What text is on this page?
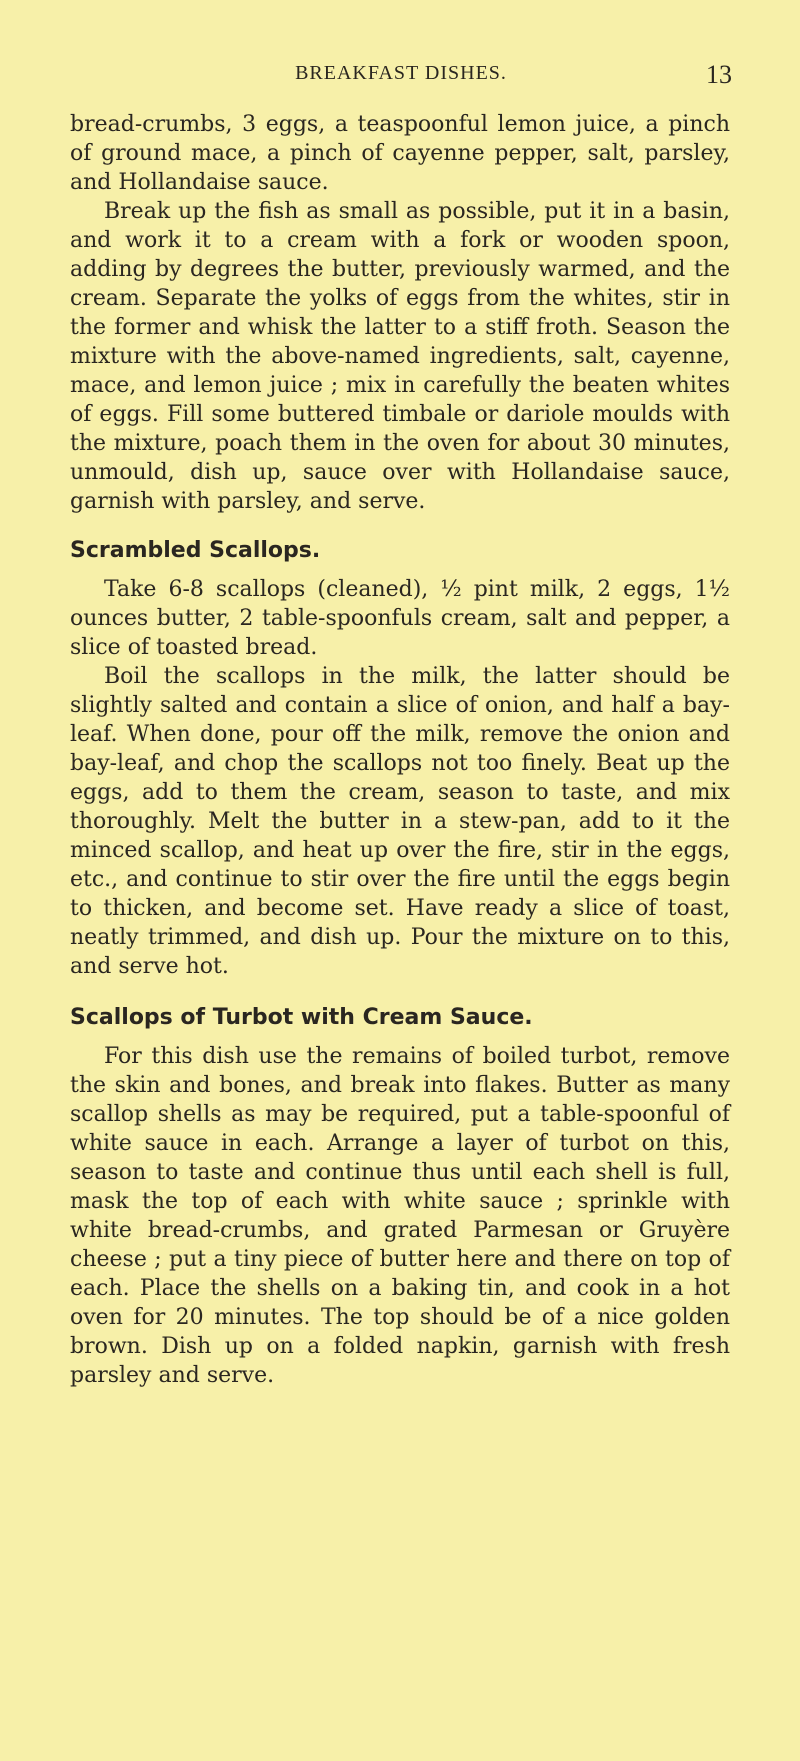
BREAKFAST DISHES.	13

bread-crumbs, 3 eggs, a teaspoonful lemon juice, a pinch of ground mace, a pinch of cayenne pepper, salt, parsley, and Hollandaise sauce.

Break up the fish as small as possible, put it in a basin, and work it to a cream with a fork or wooden spoon, adding by degrees the butter, previously warmed, and the cream. Separate the yolks of eggs from the whites, stir in the former and whisk the latter to a stiff froth. Season the mixture with the above-named ingredients, salt, cayenne, mace, and lemon juice ; mix in carefully the beaten whites of eggs. Fill some buttered timbale or dariole moulds with the mixture, poach them in the oven for about 30 minutes, unmould, dish up, sauce over with Hollandaise sauce, garnish with parsley, and serve.

Scrambled Scallops.

Take 6-8 scallops (cleaned), ½ pint milk, 2 eggs, 1½ ounces butter, 2 table-spoonfuls cream, salt and pepper, a slice of toasted bread.

Boil the scallops in the milk, the latter should be slightly salted and contain a slice of onion, and half a bay-leaf. When done, pour off the milk, remove the onion and bay-leaf, and chop the scallops not too finely. Beat up the eggs, add to them the cream, season to taste, and mix thoroughly. Melt the butter in a stew-pan, add to it the minced scallop, and heat up over the fire, stir in the eggs, etc., and continue to stir over the fire until the eggs begin to thicken, and become set. Have ready a slice of toast, neatly trimmed, and dish up. Pour the mixture on to this, and serve hot.

Scallops of Turbot with Cream Sauce.

For this dish use the remains of boiled turbot, remove the skin and bones, and break into flakes. Butter as many scallop shells as may be required, put a table-spoonful of white sauce in each. Arrange a layer of turbot on this, season to taste and continue thus until each shell is full, mask the top of each with white sauce ; sprinkle with white bread-crumbs, and grated Parmesan or Gruyère cheese ; put a tiny piece of butter here and there on top of each. Place the shells on a baking tin, and cook in a hot oven for 20 minutes. The top should be of a nice golden brown. Dish up on a folded napkin, garnish with fresh parsley and serve.
